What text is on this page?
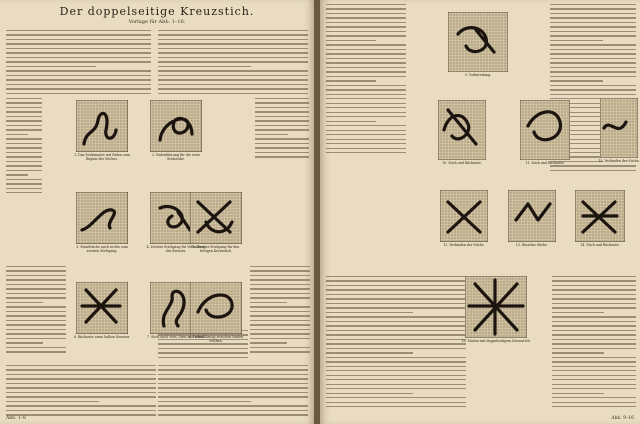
Der doppelseitige Kreuzstich.
Vorlage für Abb. 1–16.
Abb. 1–8	Abb. 9–16
1. Das Stickmuster mit Faden zum Beginn des Stiches.
2. Fadenführung für die erste Stichreihe.
3. Einzelstiche nach rechts zum zweiten Stichgang.
4. Zweiter Stichgang für Vollendung des Kreuzes.
5. Zweiter Stichgang für den fertigen Kreuzstich.
6. Rückseite eines halben Kreuzes.	7. Stich nach vorn, oben und unten.
8. Fadenführung zwischen beiden Stichen.
9. Vorbereitung.
10. Stich und Rückseite.	11. Stich und Rückseite.
12. Verbinden der Stiche.	13. Einzelne Stiche.	14. Stich und Rückseite.
15. Verbinden der Stiche.
16. Muster mit doppelseitigem Kreuzstich.
